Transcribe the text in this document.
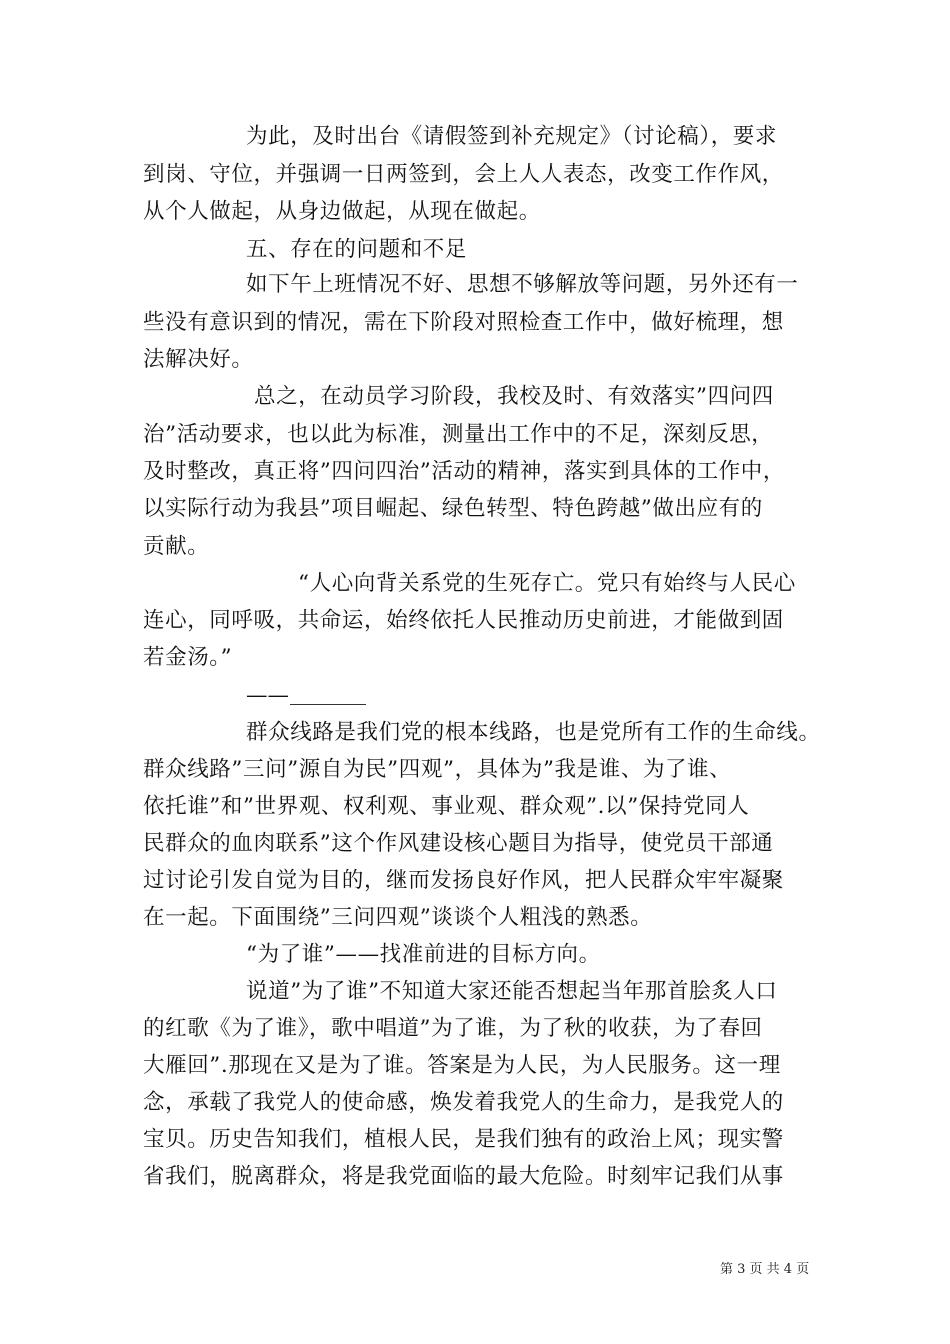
为此，及时出台《请假签到补充规定》（讨论稿），要求
到岗、守位，并强调一日两签到，会上人人表态，改变工作作风，
从个人做起，从身边做起，从现在做起。
五、存在的问题和不足
如下午上班情况不好、思想不够解放等问题，另外还有一
些没有意识到的情况，需在下阶段对照检查工作中，做好梳理，想
法解决好。
总之，在动员学习阶段，我校及时、有效落实”四问四
治”活动要求，也以此为标准，测量出工作中的不足，深刻反思，
及时整改，真正将”四问四治”活动的精神，落实到具体的工作中，
以实际行动为我县”项目崛起、绿色转型、特色跨越”做出应有的
贡献。
“人心向背关系党的生死存亡。党只有始终与人民心
连心，同呼吸，共命运，始终依托人民推动历史前进，才能做到固
若金汤。”
——
群众线路是我们党的根本线路，也是党所有工作的生命线。
群众线路”三问”源自为民”四观”，具体为”我是谁、为了谁、
依托谁”和”世界观、权利观、事业观、群众观”.以”保持党同人
民群众的血肉联系”这个作风建设核心题目为指导，使党员干部通
过讨论引发自觉为目的，继而发扬良好作风，把人民群众牢牢凝聚
在一起。下面围绕”三问四观”谈谈个人粗浅的熟悉。
“为了谁”——找准前进的目标方向。
说道”为了谁”不知道大家还能否想起当年那首脍炙人口
的红歌《为了谁》，歌中唱道”为了谁，为了秋的收获，为了春回
大雁回”.那现在又是为了谁。答案是为人民，为人民服务。这一理
念，承载了我党人的使命感，焕发着我党人的生命力，是我党人的
宝贝。历史告知我们，植根人民，是我们独有的政治上风；现实警
省我们，脱离群众，将是我党面临的最大危险。时刻牢记我们从事
第 3 页 共 4 页
